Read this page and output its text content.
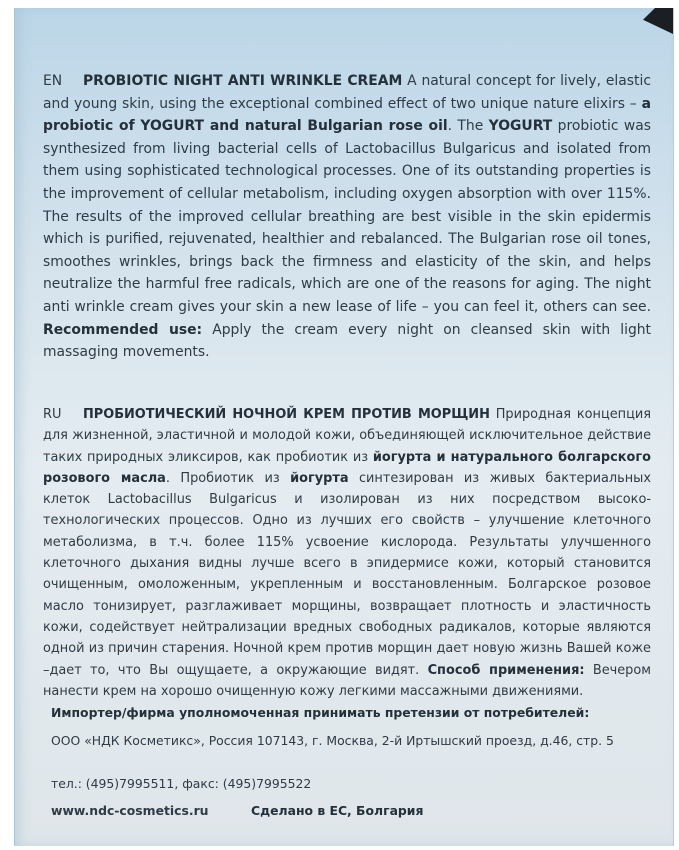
EN PROBIOTIC NIGHT ANTI WRINKLE CREAM A natural concept for lively, elastic and young skin, using the exceptional combined effect of two unique nature elixirs – a probiotic of YOGURT and natural Bulgarian rose oil. The YOGURT probiotic was synthesized from living bacterial cells of Lactobacillus Bulgaricus and isolated from them using sophisticated technological processes. One of its outstanding properties is the improvement of cellular metabolism, including oxygen absorption with over 115%. The results of the improved cellular breathing are best visible in the skin epidermis which is purified, rejuvenated, healthier and rebalanced. The Bulgarian rose oil tones, smoothes wrinkles, brings back the firmness and elasticity of the skin, and helps neutralize the harmful free radicals, which are one of the reasons for aging. The night anti wrinkle cream gives your skin a new lease of life – you can feel it, others can see. Recommended use: Apply the cream every night on cleansed skin with light massaging movements.
RU ПРОБИОТИЧЕСКИЙ НОЧНОЙ КРЕМ ПРОТИВ МОРЩИН Природная концепция для жизненной, эластичной и молодой кожи, объединяющей исключительное действие таких природных эликсиров, как пробиотик из йогурта и натурального болгарского розового масла. Пробиотик из йогурта синтезирован из живых бактериальных клеток Lactobacillus Bulgaricus и изолирован из них посредством высоко-технологических процессов. Одно из лучших его свойств – улучшение клеточного метаболизма, в т.ч. более 115% усвоение кислорода. Результаты улучшенного клеточного дыхания видны лучше всего в эпидермисе кожи, который становится очищенным, омоложенным, укрепленным и восстановленным. Болгарское розовое масло тонизирует, разглаживает морщины, возвращает плотность и эластичность кожи, содействует нейтрализации вредных свободных радикалов, которые являются одной из причин старения. Ночной крем против морщин дает новую жизнь Вашей коже –дает то, что Вы ощущаете, а окружающие видят. Способ применения: Вечером нанести крем на хорошо очищенную кожу легкими массажными движениями.
Импортер/фирма уполномоченная принимать претензии от потребителей:
ООО «НДК Косметикс», Россия 107143, г. Москва, 2-й Иртышский проезд, д.46, стр. 5
тел.: (495)7995511, факс: (495)7995522
www.ndc-cosmetics.ru	Сделано в ЕС, Болгария
